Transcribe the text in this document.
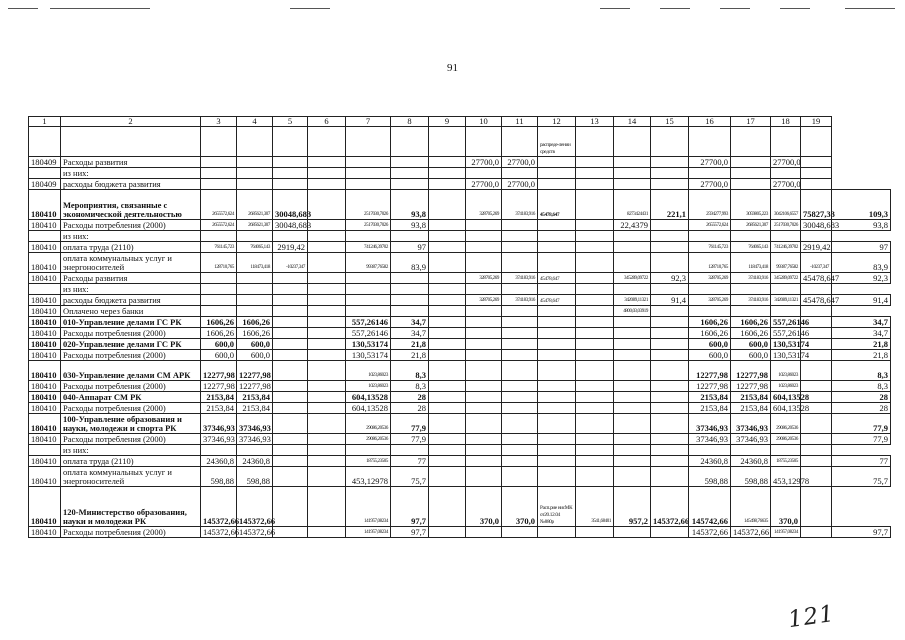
91
1	2	3	4	5	6	7	8	9	10	11	12	13	14	15	16	17	18	19	
											распреде-лении средств								
180409	Расходы развития								27700,0	27700,0					27700,0		27700,0		
	из них:																		
180409	расходы бюджета развития								27700,0	27700,0					27700,0		27700,0		
180410	Мероприятия, связанные с экономической деятельностью	2655572,624	2685621,307	30048,683		2517030,7026	93,8		328705,269	374183,916	45478,647		8273424431	221,1	2594277,993	3059805,223	3042106,6557	75827,33	109,3
180410	Расходы потребления (2000)	2655572,624	2685621,307	30048,683		2517030,7026	93,8						22,4379		2655572,624	2685621,307	2517030,7026	30048,683	93,8
	из них:																		
180410	оплата труда (2110)	761145,723	764065,143	2919,42		741246,39702	97								761145,723	764065,143	741246,39702	2919,42	97
180410	оплата коммунальных услуг и энергоносителей	128710,765	118473,418	-10237,347		99387,76582	83,9								128710,765	118473,418	99387,76582	-10237,347	83,9
180410	Расходы развития								328705,269	374183,916	45478,647		345289,09722	92,3	328705,269	374183,916	345289,09722	45478,647	92,3
	из них:																		
180410	расходы бюджета развития								328705,269	374183,916	45478,647		342089,11321	91,4	328705,269	374183,916	342089,11321	45478,647	91,4
180410	Оплачено через банки												4800,03,03919						
180410	010-Управление делами ГС РК	1606,26	1606,26			557,26146	34,7								1606,26	1606,26	557,26146		34,7
180410	Расходы потребления (2000)	1606,26	1606,26			557,26146	34,7								1606,26	1606,26	557,26146		34,7
180410	020-Управление делами ГС РК	600,0	600,0			130,53174	21,8								600,0	600,0	130,53174		21,8
180410	Расходы потребления (2000)	600,0	600,0			130,53174	21,8								600,0	600,0	130,53174		21,8
180410	030-Управление делами СМ АРК	12277,98	12277,98			1023,86023	8,3								12277,98	12277,98	1023,86023		8,3
180410	Расходы потребления (2000)	12277,98	12277,98			1023,86023	8,3								12277,98	12277,98	1023,86023		8,3
180410	040-Аппарат СМ РК	2153,84	2153,84			604,13528	28								2153,84	2153,84	604,13528		28
180410	Расходы потребления (2000)	2153,84	2153,84			604,13528	28								2153,84	2153,84	604,13528		28
180410	100-Управление образования и науки, молодежи и спорта РК	37346,93	37346,93			29086,20536	77,9								37346,93	37346,93	29086,20536		77,9
180410	Расходы потребления (2000)	37346,93	37346,93			29086,20536	77,9								37346,93	37346,93	29086,20536		77,9
	из них:																		
180410	оплата труда (2110)	24360,8	24360,8			18755,23505	77								24360,8	24360,8	18755,23505		77
180410	оплата коммунальных услуг и энергоносителей	598,88	598,88			453,12978	75,7								598,88	598,88	453,12978		75,7
180410	120-Министерство образования, науки и молодежи РК	145372,66	145372,66			141957,08234	97,7		370,0	370,0	Расп.рие нисМК от20.12.04 №880р	3541,68401	957,2	145372,66	145742,66	145498,76635	370,0		
180410	Расходы потребления (2000)	145372,66	145372,66			141957,08234	97,7								145372,66	145372,66	141957,08234		97,7
121
